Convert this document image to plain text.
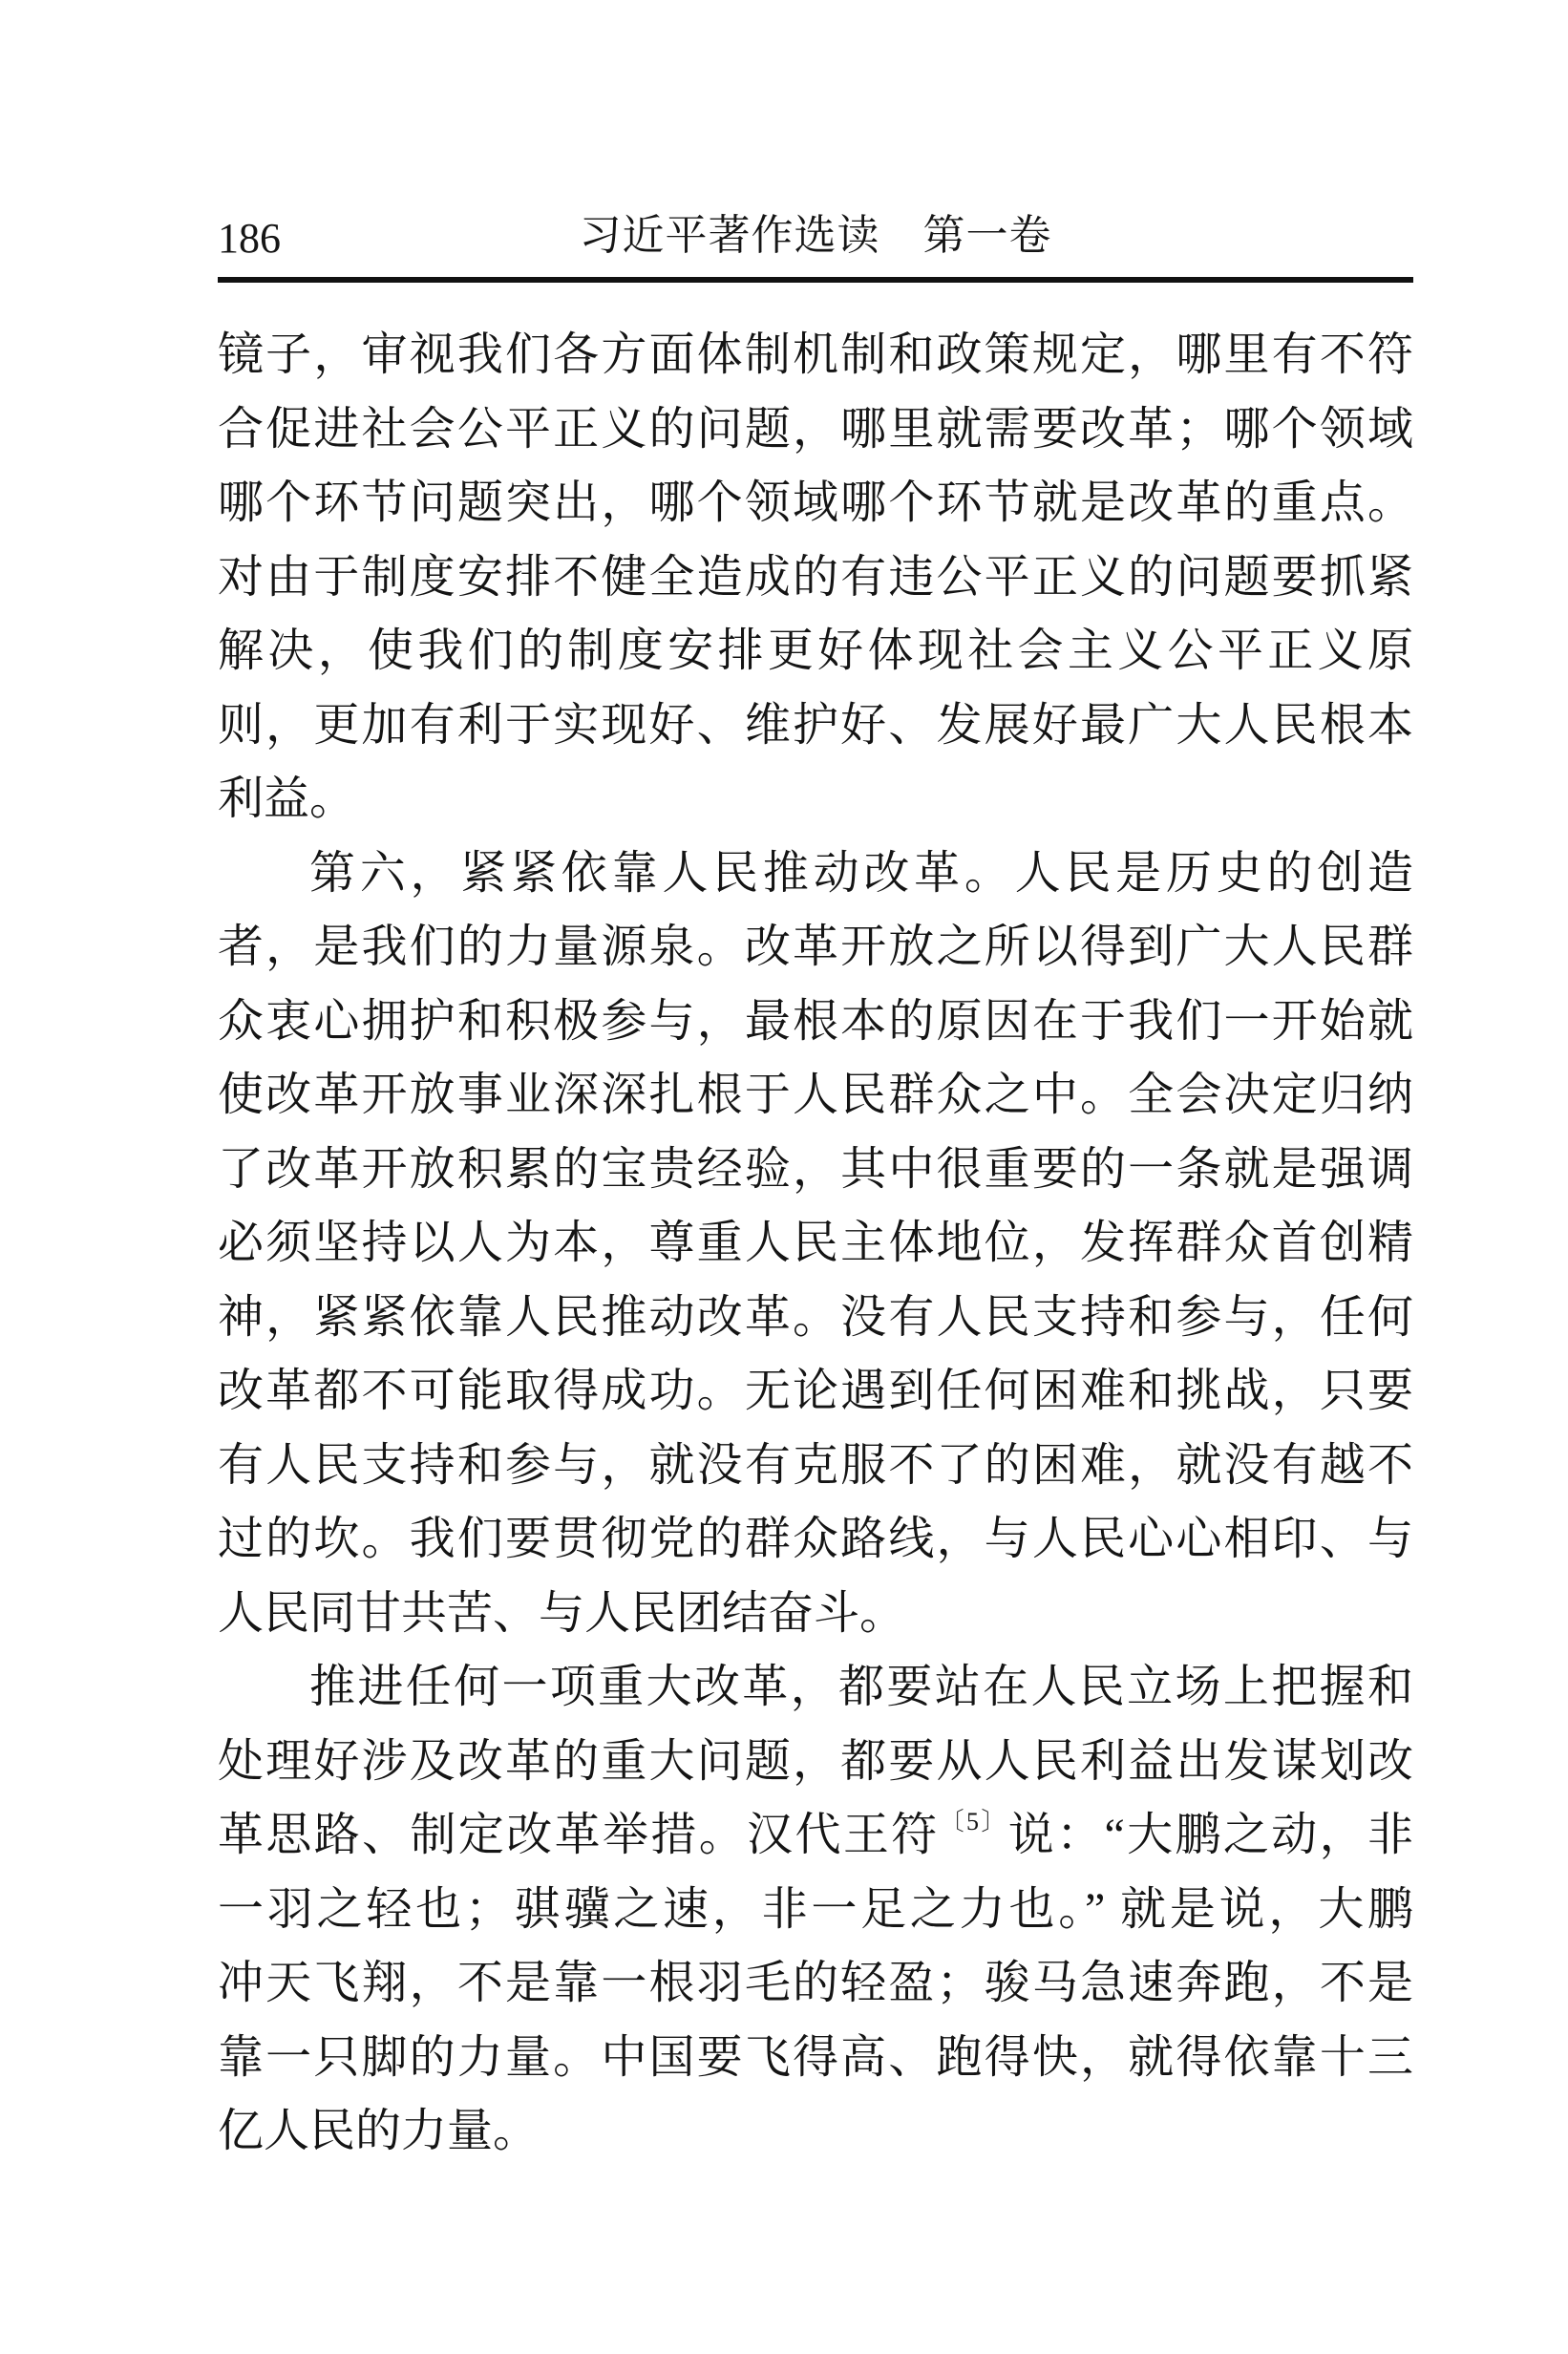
186	习近平著作选读　第一卷
镜子，审视我们各方面体制机制和政策规定，哪里有不符
合促进社会公平正义的问题，哪里就需要改革；哪个领域
哪个环节问题突出，哪个领域哪个环节就是改革的重点。
对由于制度安排不健全造成的有违公平正义的问题要抓紧
解决，使我们的制度安排更好体现社会主义公平正义原
则，更加有利于实现好、维护好、发展好最广大人民根本
利益。
第六，紧紧依靠人民推动改革。人民是历史的创造
者，是我们的力量源泉。改革开放之所以得到广大人民群
众衷心拥护和积极参与，最根本的原因在于我们一开始就
使改革开放事业深深扎根于人民群众之中。全会决定归纳
了改革开放积累的宝贵经验，其中很重要的一条就是强调
必须坚持以人为本，尊重人民主体地位，发挥群众首创精
神，紧紧依靠人民推动改革。没有人民支持和参与，任何
改革都不可能取得成功。无论遇到任何困难和挑战，只要
有人民支持和参与，就没有克服不了的困难，就没有越不
过的坎。我们要贯彻党的群众路线，与人民心心相印、与
人民同甘共苦、与人民团结奋斗。
推进任何一项重大改革，都要站在人民立场上把握和
处理好涉及改革的重大问题，都要从人民利益出发谋划改
革思路、制定改革举措。汉代王符$^{〔5〕}$说：“大鹏之动，非
一羽之轻也；骐骥之速，非一足之力也。” 就是说，大鹏
冲天飞翔，不是靠一根羽毛的轻盈；骏马急速奔跑，不是
靠一只脚的力量。中国要飞得高、跑得快，就得依靠十三
亿人民的力量。
